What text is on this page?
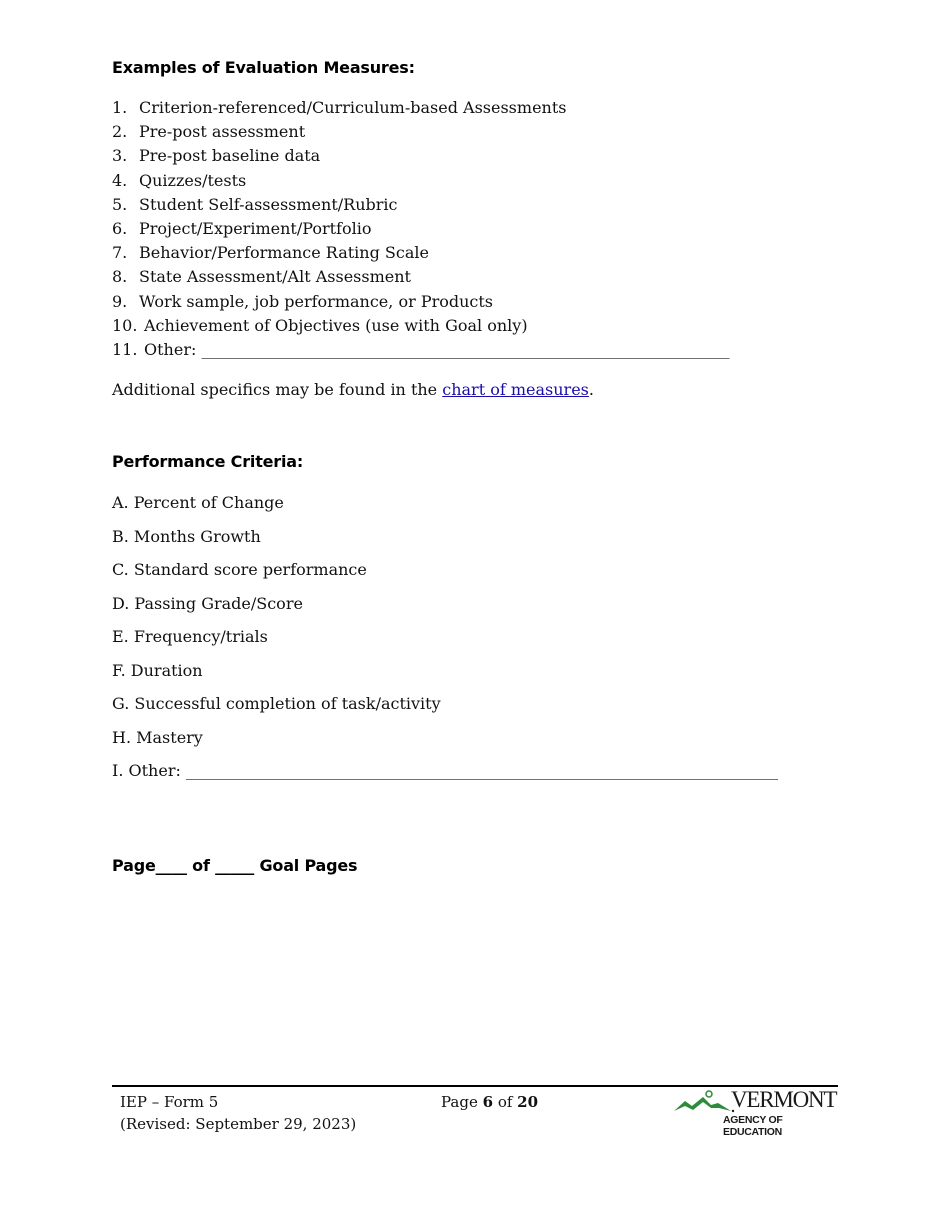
Examples of Evaluation Measures:
1. Criterion-referenced/Curriculum-based Assessments
2. Pre-post assessment
3. Pre-post baseline data
4. Quizzes/tests
5. Student Self-assessment/Rubric
6. Project/Experiment/Portfolio
7. Behavior/Performance Rating Scale
8. State Assessment/Alt Assessment
9. Work sample, job performance, or Products
10. Achievement of Objectives (use with Goal only)
11. Other: __________________________________________________________________
Additional specifics may be found in the chart of measures.
Performance Criteria:
A. Percent of Change
B. Months Growth
C. Standard score performance
D. Passing Grade/Score
E. Frequency/trials
F. Duration
G. Successful completion of task/activity
H. Mastery
I. Other: __________________________________________________________________________
Page____ of _____ Goal Pages
IEP – Form 5
(Revised: September 29, 2023)
Page 6 of 20	VERMONT
AGENCY OF EDUCATION
